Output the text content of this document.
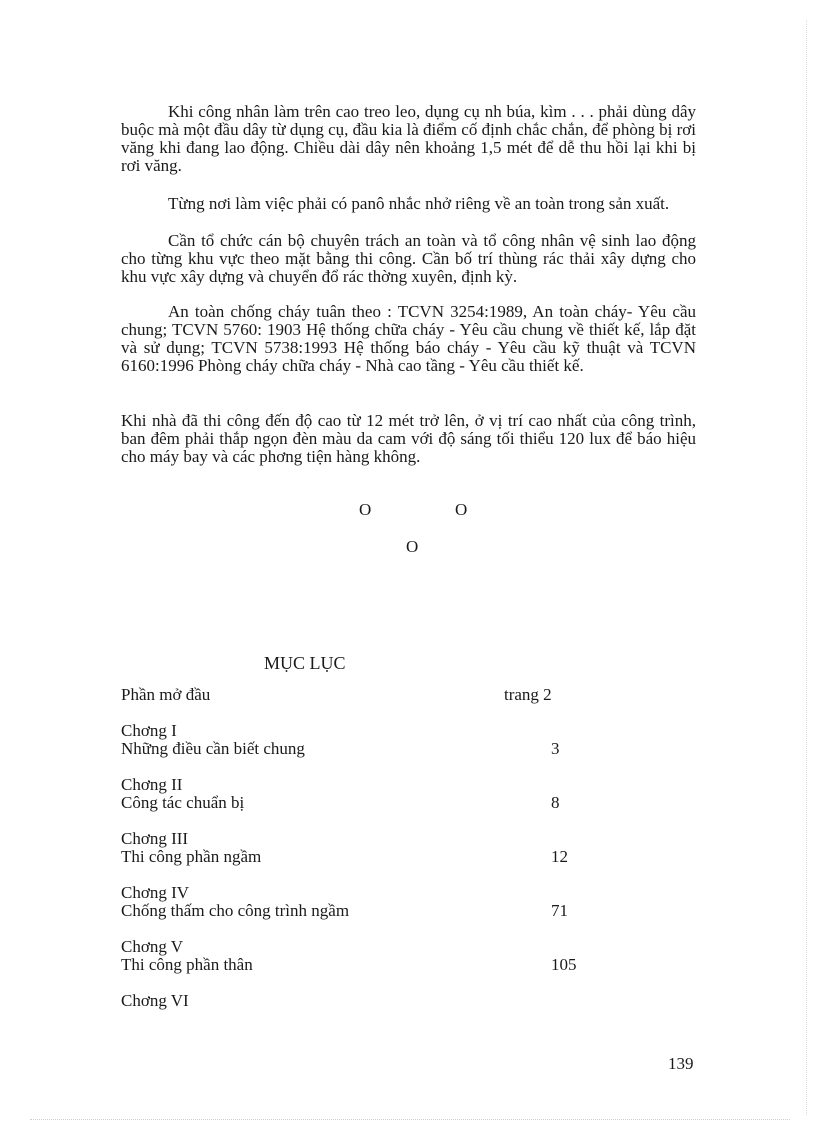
Khi công nhân làm trên cao treo leo, dụng cụ nh búa, kìm . . . phải dùng dây buộc mà một đầu dây từ dụng cụ, đầu kia là điểm cố định chắc chắn, để phòng bị rơi văng khi đang lao động. Chiều dài dây nên khoảng 1,5 mét để dễ thu hồi lại khi bị rơi văng.

Từng nơi làm việc phải có panô nhắc nhở riêng về an toàn trong sản xuất.

Cần tổ chức cán bộ chuyên trách an toàn và tổ công nhân vệ sinh lao động cho từng khu vực theo mặt bằng thi công. Cần bố trí thùng rác thải xây dựng cho khu vực xây dựng và chuyển đổ rác thờng xuyên, định kỳ.

An toàn chống cháy tuân theo : TCVN 3254:1989, An toàn cháy- Yêu cầu chung; TCVN 5760: 1903 Hệ thống chữa cháy - Yêu cầu chung về thiết kế, lắp đặt và sử dụng; TCVN 5738:1993 Hệ thống báo cháy - Yêu cầu kỹ thuật và TCVN 6160:1996 Phòng cháy chữa cháy - Nhà cao tầng - Yêu cầu thiết kế.

Khi nhà đã thi công đến độ cao từ 12 mét trở lên, ở vị trí cao nhất của công trình, ban đêm phải thắp ngọn đèn màu da cam với độ sáng tối thiểu 120 lux để báo hiệu cho máy bay và các phơng tiện hàng không.

O	O
O
MỤC LỤC
Phần mở đầu	trang 2
Chơng I
Những điều cần biết chung	3
Chơng II
Công tác chuẩn bị	8
Chơng III
Thi công phần ngầm	12
Chơng IV
Chống thấm cho công trình ngầm	71
Chơng V
Thi công phần thân	105
Chơng VI
139
